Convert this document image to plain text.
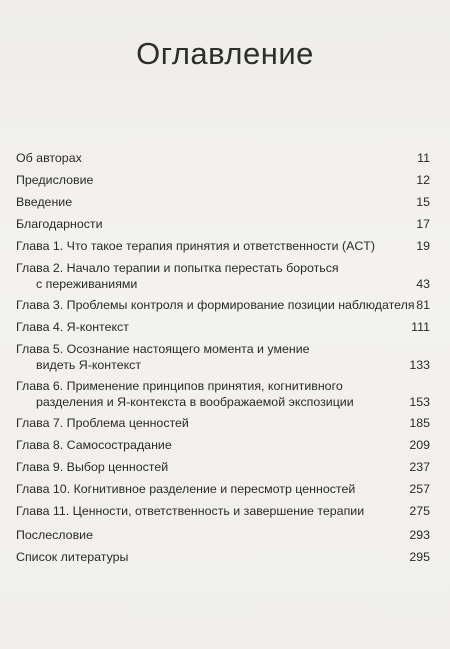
Оглавление
Об авторах	11
Предисловие	12
Введение	15
Благодарности	17
Глава 1. Что такое терапия принятия и ответственности (ACT)	19
Глава 2. Начало терапии и попытка перестать бороться
с переживаниями	43
Глава 3. Проблемы контроля и формирование позиции наблюдателя 81
Глава 4. Я-контекст	111
Глава 5. Осознание настоящего момента и умение
видеть Я-контекст	133
Глава 6. Применение принципов принятия, когнитивного
разделения и Я-контекста в воображаемой экспозиции	153
Глава 7. Проблема ценностей	185
Глава 8. Самосострадание	209
Глава 9. Выбор ценностей	237
Глава 10. Когнитивное разделение и пересмотр ценностей	257
Глава 11. Ценности, ответственность и завершение терапии	275
Послесловие	293
Список литературы	295
